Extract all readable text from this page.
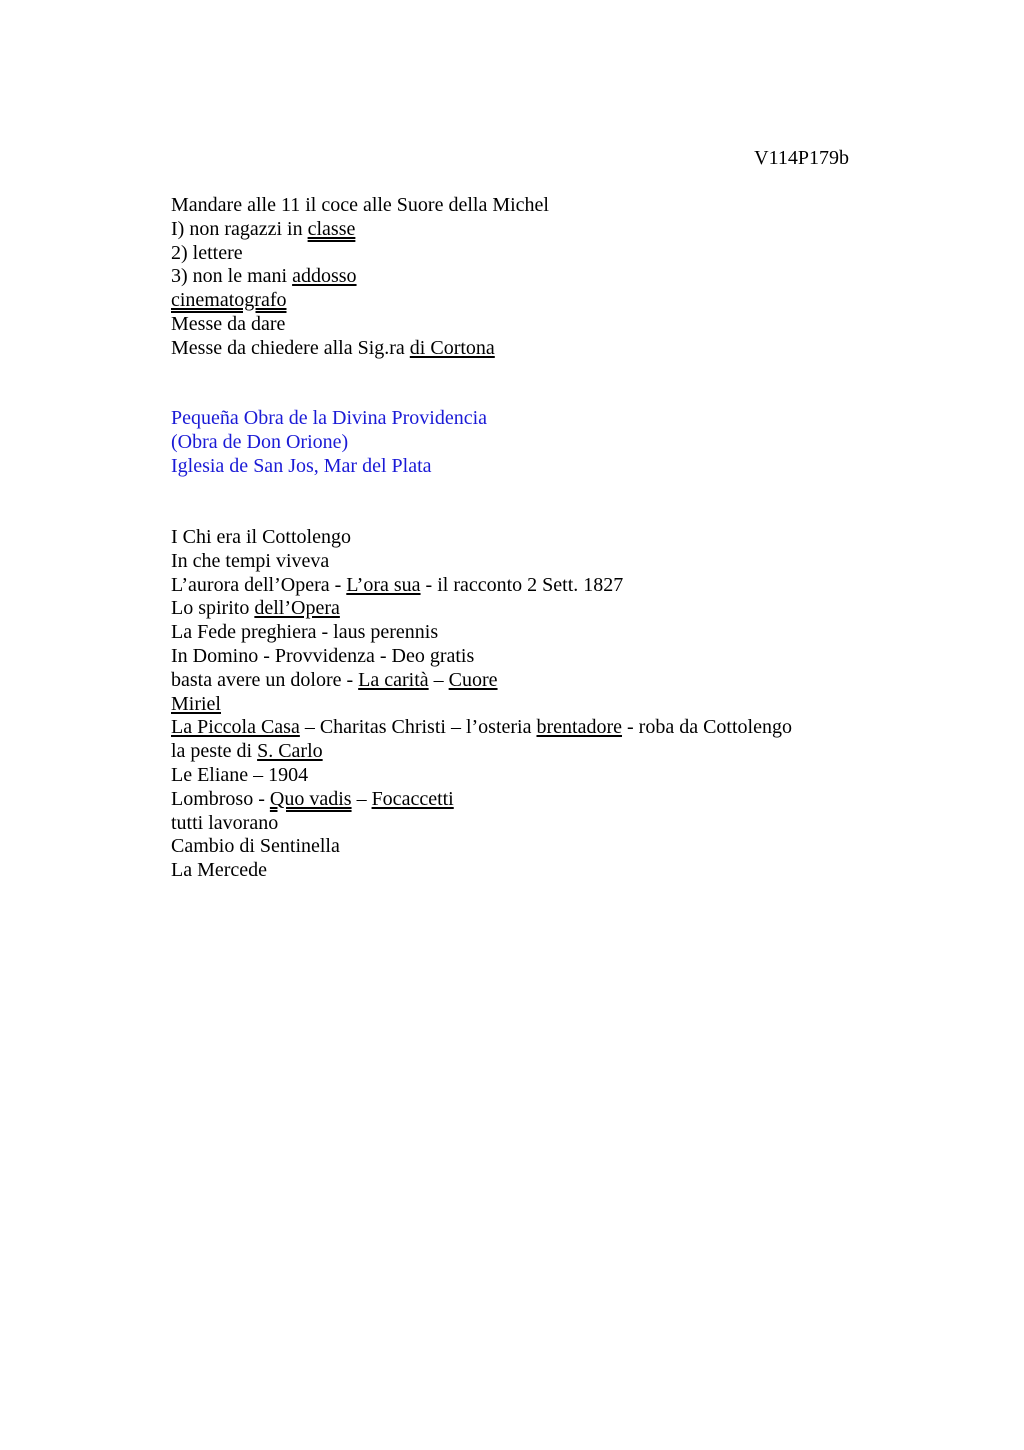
V114P179b
Mandare alle 11 il coce alle Suore della Michel
I) non ragazzi in classe
2) lettere
3) non le mani addosso
cinematografo
Messe da dare
Messe da chiedere alla Sig.ra di Cortona
Pequeña Obra de la Divina Providencia
(Obra de Don Orione)
Iglesia de San Jos, Mar del Plata
I Chi era il Cottolengo
In che tempi viveva
L’aurora dell’Opera - L’ora sua - il racconto 2 Sett. 1827
Lo spirito dell’Opera
La Fede preghiera - laus perennis
In Domino - Provvidenza - Deo gratis
basta avere un dolore - La carità – Cuore
Miriel
La Piccola Casa – Charitas Christi – l’osteria brentadore - roba da Cottolengo
la peste di S. Carlo
Le Eliane – 1904
Lombroso - Quo vadis – Focaccetti
tutti lavorano
Cambio di Sentinella
La Mercede
